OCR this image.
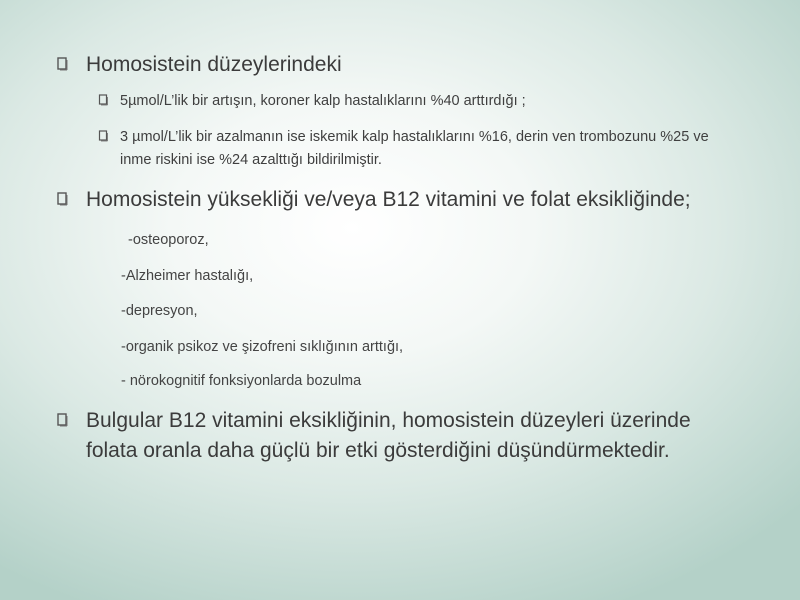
Homosistein düzeylerindeki
5µmol/L’lik bir artışın, koroner kalp hastalıklarını %40 arttırdığı ;
3 µmol/L’lik bir azalmanın ise iskemik kalp hastalıklarını %16, derin ven trombozunu %25 ve inme riskini ise %24 azalttığı bildirilmiştir.
Homosistein yüksekliği ve/veya B12 vitamini ve folat eksikliğinde;
-osteoporoz,
-Alzheimer hastalığı,
-depresyon,
-organik psikoz ve şizofreni sıklığının arttığı,
- nörokognitif fonksiyonlarda bozulma
Bulgular B12 vitamini eksikliğinin, homosistein düzeyleri üzerinde folata oranla daha güçlü bir etki gösterdiğini düşündürmektedir.
